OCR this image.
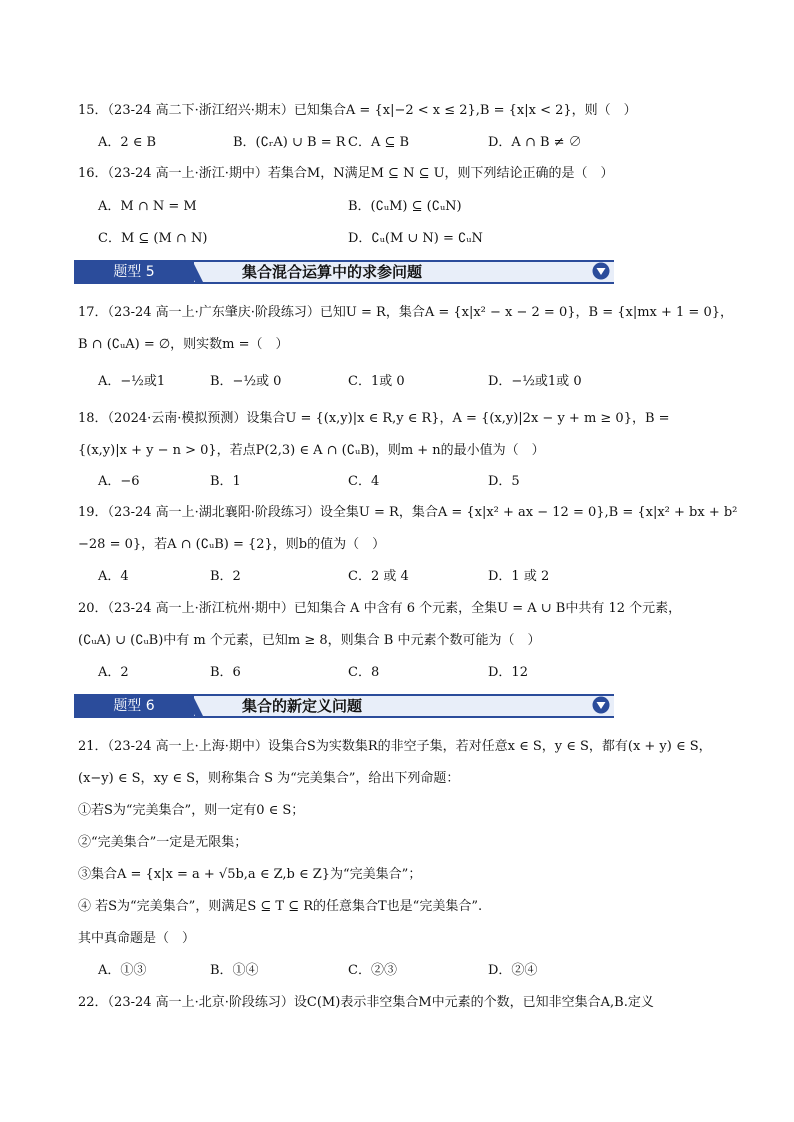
15．（23-24 高二下·浙江绍兴·期末）已知集合A = {x|−2 < x ≤ 2},B = {x|x < 2}，则（　）
A．2 ∈ B	B．(∁ᵣA) ∪ B = R C．A ⊆ B	D．A ∩ B ≠ ∅
16．（23-24 高一上·浙江·期中）若集合M，N满足M ⊆ N ⊆ U，则下列结论正确的是（　）
A．M ∩ N = M	B．(∁ᵤM) ⊆ (∁ᵤN)
C．M ⊆ (M ∩ N)	D．∁ᵤ(M ∪ N) = ∁ᵤN
集合混合运算中的求参问题
题型 5
17．（23-24 高一上·广东肇庆·阶段练习）已知U = R，集合A = {x|x² − x − 2 = 0}，B = {x|mx + 1 = 0}，
B ∩ (∁ᵤA) = ∅，则实数m =（　）
A．−½或1	B．−½或 0	C．1或 0	D．−½或1或 0
18．（2024·云南·模拟预测）设集合U = {(x,y)|x ∈ R,y ∈ R}，A = {(x,y)|2x − y + m ≥ 0}，B =
{(x,y)|x + y − n > 0}，若点P(2,3) ∈ A ∩ (∁ᵤB)，则m + n的最小值为（　）
A．−6	B．1	C．4	D．5
19．（23-24 高一上·湖北襄阳·阶段练习）设全集U = R，集合A = {x|x² + ax − 12 = 0},B = {x|x² + bx + b²
−28 = 0}，若A ∩ (∁ᵤB) = {2}，则b的值为（　）
A．4	B．2	C．2 或 4	D．1 或 2
20．（23-24 高一上·浙江杭州·期中）已知集合 A 中含有 6 个元素，全集U = A ∪ B中共有 12 个元素，
(∁ᵤA) ∪ (∁ᵤB)中有 m 个元素，已知m ≥ 8，则集合 B 中元素个数可能为（　）
A．2	B．6	C．8	D．12
集合的新定义问题
题型 6
21．（23-24 高一上·上海·期中）设集合S为实数集R的非空子集，若对任意x ∈ S，y ∈ S，都有(x + y) ∈ S，
(x−y) ∈ S，xy ∈ S，则称集合 S 为“完美集合”，给出下列命题：
①若S为“完美集合”，则一定有0 ∈ S；
②“完美集合”一定是无限集；
③集合A = {x|x = a + √5b,a ∈ Z,b ∈ Z}为“完美集合”；
④ 若S为“完美集合”，则满足S ⊆ T ⊆ R的任意集合T也是“完美集合”.
其中真命题是（　）
A．①③	B．①④	C．②③	D．②④
22．（23-24 高一上·北京·阶段练习）设C(M)表示非空集合M中元素的个数，已知非空集合A,B.定义
